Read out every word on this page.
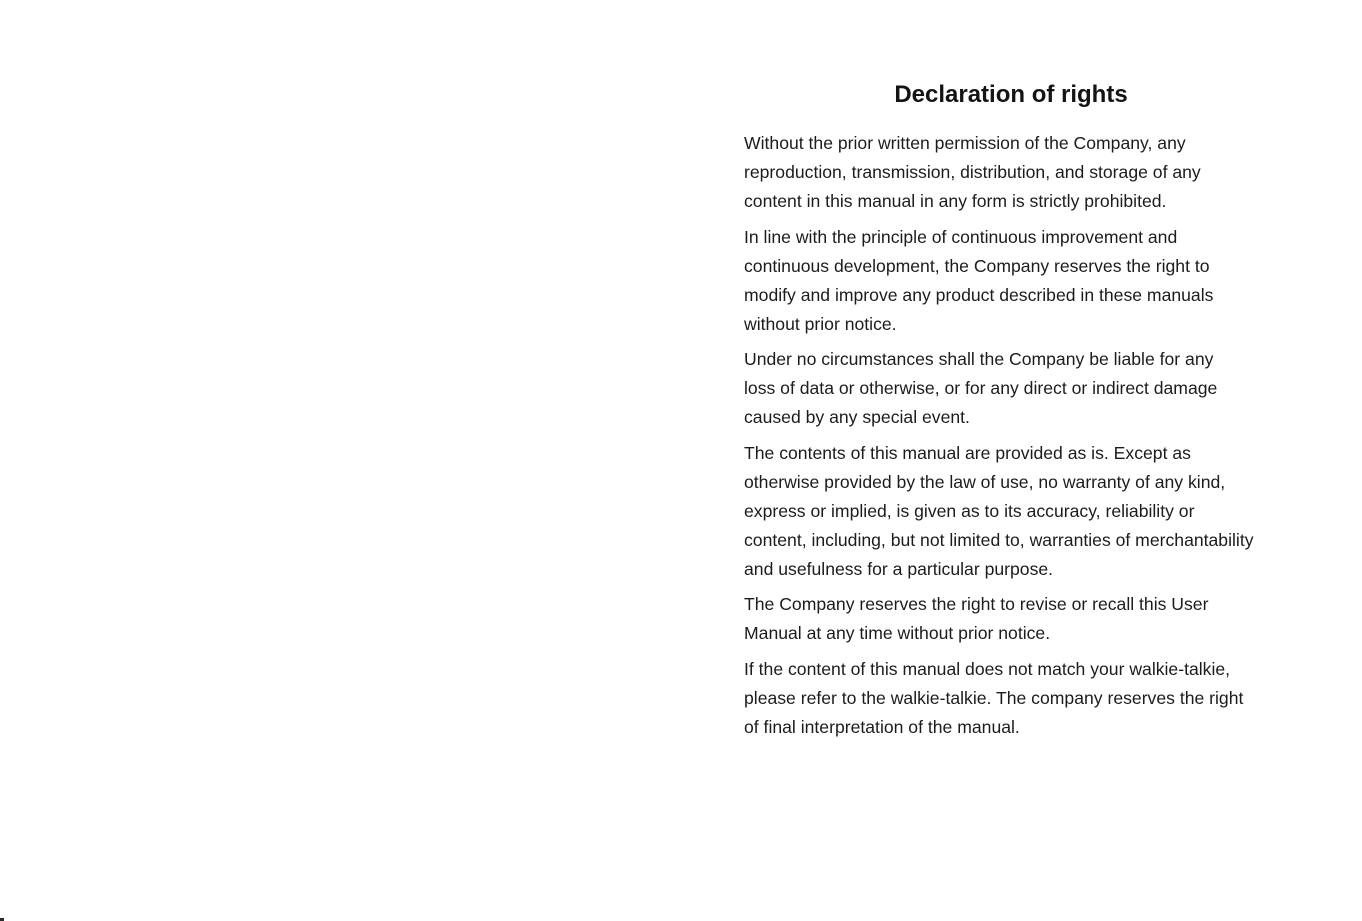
Declaration of rights

Without the prior written permission of the Company, any
reproduction, transmission, distribution, and storage of any
content in this manual in any form is strictly prohibited.

In line with the principle of continuous improvement and
continuous development, the Company reserves the right to
modify and improve any product described in these manuals
without prior notice.

Under no circumstances shall the Company be liable for any
loss of data or otherwise, or for any direct or indirect damage
caused by any special event.

The contents of this manual are provided as is. Except as
otherwise provided by the law of use, no warranty of any kind,
express or implied, is given as to its accuracy, reliability or
content, including, but not limited to, warranties of merchantability
and usefulness for a particular purpose.

The Company reserves the right to revise or recall this User
Manual at any time without prior notice.

If the content of this manual does not match your walkie-talkie,
please refer to the walkie-talkie. The company reserves the right
of final interpretation of the manual.
